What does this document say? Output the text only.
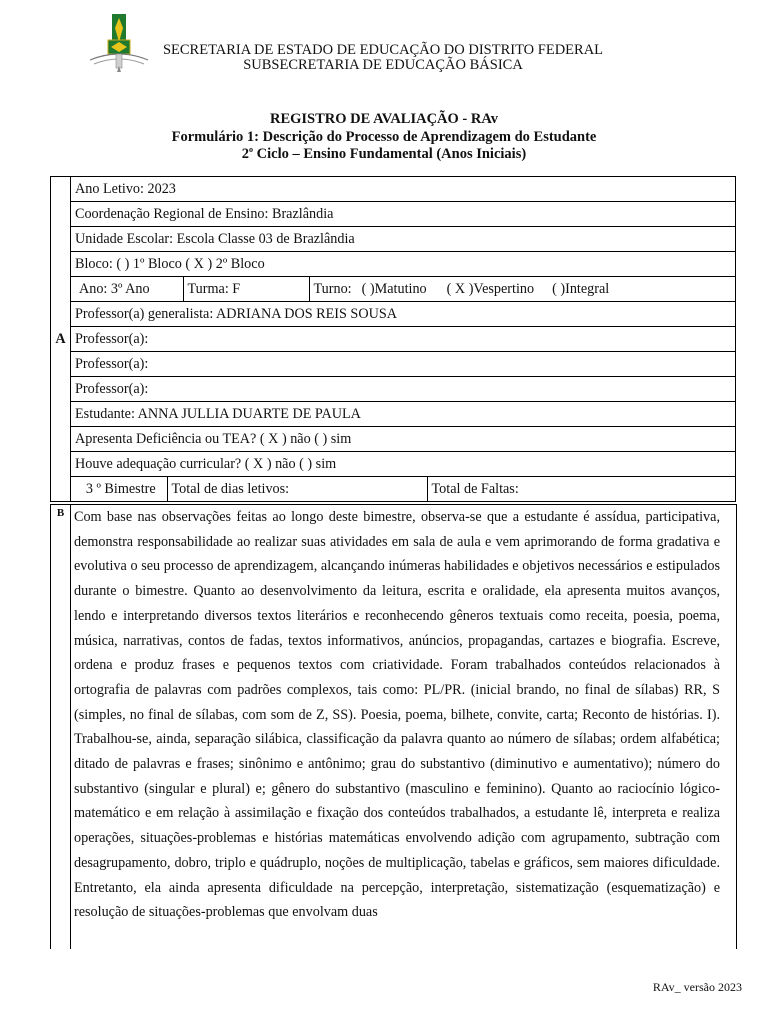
SECRETARIA DE ESTADO DE EDUCAÇÃO DO DISTRITO FEDERAL
SUBSECRETARIA DE EDUCAÇÃO BÁSICA
REGISTRO DE AVALIAÇÃO - RAv
Formulário 1: Descrição do Processo de Aprendizagem do Estudante
2$^o$ Ciclo – Ensino Fundamental (Anos Iniciais)
A	Ano Letivo: 2023
Coordenação Regional de Ensino: Brazlândia
Unidade Escolar: Escola Classe 03 de Brazlândia
Bloco: ( ) 1º Bloco ( X ) 2º Bloco

Ano: 3º Ano	Turma: F	Turno: ( )Matutino ( X )Vespertino ( )Integral

Professor(a) generalista: ADRIANA DOS REIS SOUSA
Professor(a):
Professor(a):
Professor(a):
Estudante: ANNA JULLIA DUARTE DE PAULA
Apresenta Deficiência ou TEA? ( X ) não ( ) sim
Houve adequação curricular? ( X ) não ( ) sim

3 º Bimestre	Total de dias letivos:	Total de Faltas:
B Com base nas observações feitas ao longo deste bimestre, observa-se que a estudante é assídua, participativa, demonstra responsabilidade ao realizar suas atividades em sala de aula e vem aprimorando de forma gradativa e evolutiva o seu processo de aprendizagem, alcançando inúmeras habilidades e objetivos necessários e estipulados durante o bimestre. Quanto ao desenvolvimento da leitura, escrita e oralidade, ela apresenta muitos avanços, lendo e interpretando diversos textos literários e reconhecendo gêneros textuais como receita, poesia, poema, música, narrativas, contos de fadas, textos informativos, anúncios, propagandas, cartazes e biografia. Escreve, ordena e produz frases e pequenos textos com criatividade. Foram trabalhados conteúdos relacionados à ortografia de palavras com padrões complexos, tais como: PL/PR. (inicial brando, no final de sílabas) RR, S (simples, no final de sílabas, com som de Z, SS). Poesia, poema, bilhete, convite, carta; Reconto de histórias. I). Trabalhou-se, ainda, separação silábica, classificação da palavra quanto ao número de sílabas; ordem alfabética; ditado de palavras e frases; sinônimo e antônimo; grau do substantivo (diminutivo e aumentativo); número do substantivo (singular e plural) e; gênero do substantivo (masculino e feminino). Quanto ao raciocínio lógico-matemático e em relação à assimilação e fixação dos conteúdos trabalhados, a estudante lê, interpreta e realiza operações, situações-problemas e histórias matemáticas envolvendo adição com agrupamento, subtração com desagrupamento, dobro, triplo e quádruplo, noções de multiplicação, tabelas e gráficos, sem maiores dificuldade. Entretanto, ela ainda apresenta dificuldade na percepção, interpretação, sistematização (esquematização) e resolução de situações-problemas que envolvam duas
RAv_ versão 2023
